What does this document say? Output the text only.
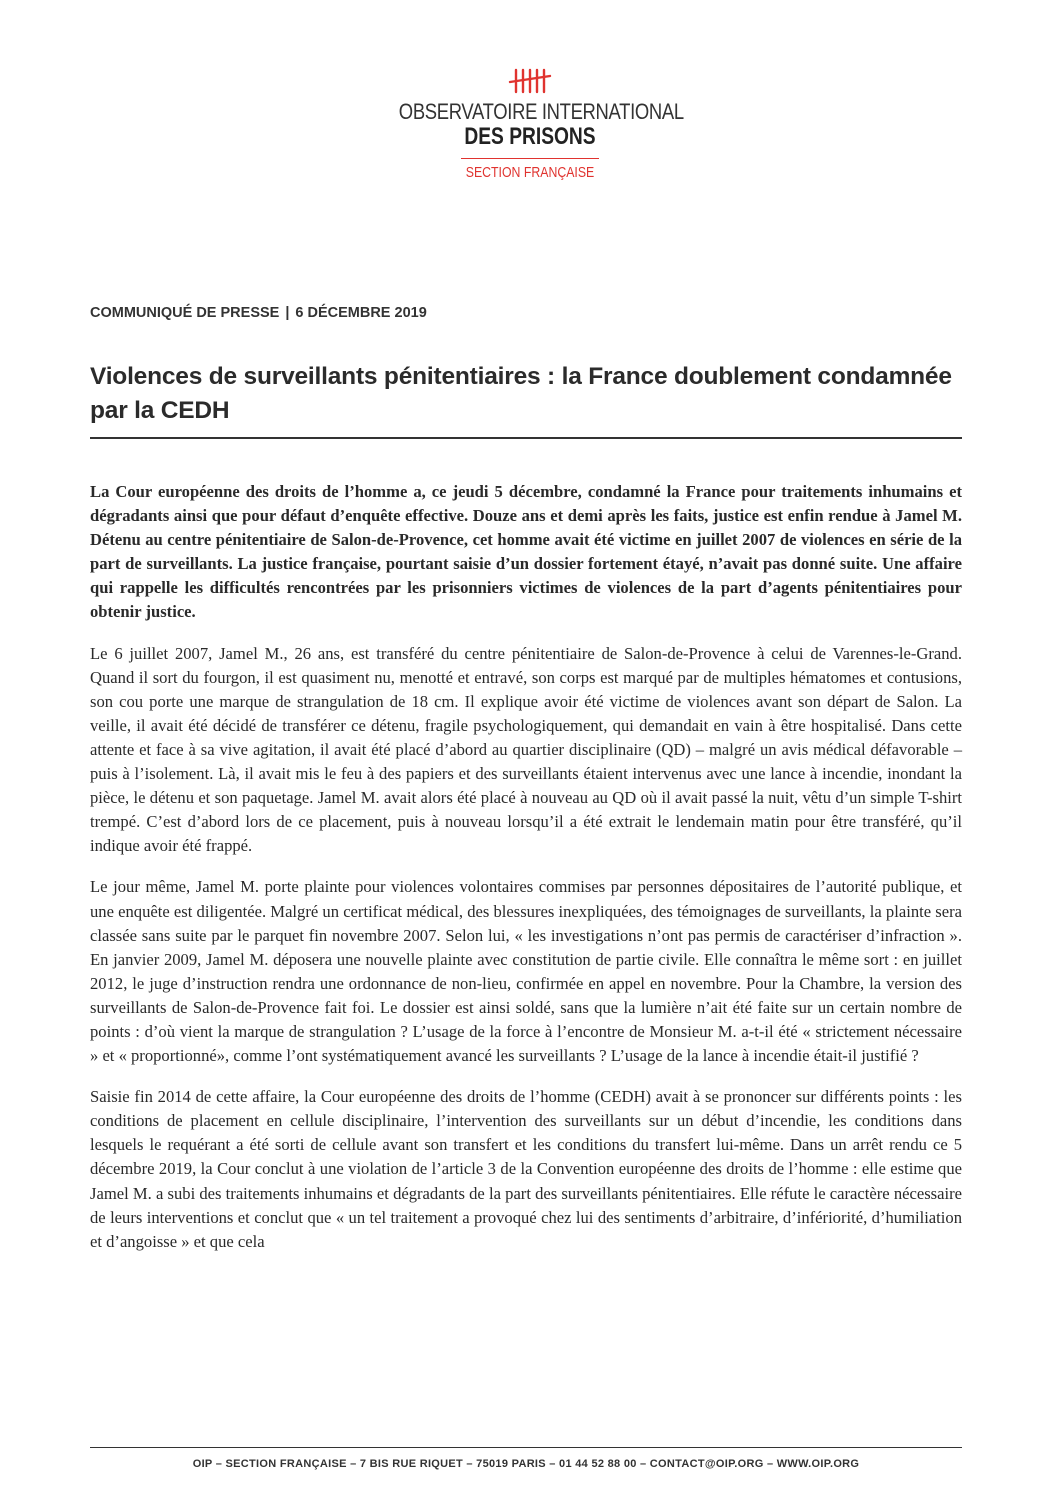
OBSERVATOIRE INTERNATIONAL
DES PRISONS
SECTION FRANÇAISE
COMMUNIQUÉ DE PRESSE | 6 DÉCEMBRE 2019
Violences de surveillants pénitentiaires : la France doublement condamnée par la CEDH

La Cour européenne des droits de l’homme a, ce jeudi 5 décembre, condamné la France pour traitements inhumains et dégradants ainsi que pour défaut d’enquête effective. Douze ans et demi après les faits, justice est enfin rendue à Jamel M. Détenu au centre pénitentiaire de Salon-de-Provence, cet homme avait été victime en juillet 2007 de violences en série de la part de surveillants. La justice française, pourtant saisie d’un dossier fortement étayé, n’avait pas donné suite. Une affaire qui rappelle les difficultés rencontrées par les prisonniers victimes de violences de la part d’agents pénitentiaires pour obtenir justice.

Le 6 juillet 2007, Jamel M., 26 ans, est transféré du centre pénitentiaire de Salon-de-Provence à celui de Varennes-le-Grand. Quand il sort du fourgon, il est quasiment nu, menotté et entravé, son corps est marqué par de multiples hématomes et contusions, son cou porte une marque de strangulation de 18 cm. Il explique avoir été victime de violences avant son départ de Salon. La veille, il avait été décidé de transférer ce détenu, fragile psychologiquement, qui demandait en vain à être hospitalisé. Dans cette attente et face à sa vive agitation, il avait été placé d’abord au quartier disciplinaire (QD) – malgré un avis médical défavorable – puis à l’isolement. Là, il avait mis le feu à des papiers et des surveillants étaient intervenus avec une lance à incendie, inondant la pièce, le détenu et son paquetage. Jamel M. avait alors été placé à nouveau au QD où il avait passé la nuit, vêtu d’un simple T-shirt trempé. C’est d’abord lors de ce placement, puis à nouveau lorsqu’il a été extrait le lendemain matin pour être transféré, qu’il indique avoir été frappé.

Le jour même, Jamel M. porte plainte pour violences volontaires commises par personnes dépositaires de l’autorité publique, et une enquête est diligentée. Malgré un certificat médical, des blessures inexpliquées, des témoignages de surveillants, la plainte sera classée sans suite par le parquet fin novembre 2007. Selon lui, « les investigations n’ont pas permis de caractériser d’infraction ». En janvier 2009, Jamel M. déposera une nouvelle plainte avec constitution de partie civile. Elle connaîtra le même sort : en juillet 2012, le juge d’instruction rendra une ordonnance de non-lieu, confirmée en appel en novembre. Pour la Chambre, la version des surveillants de Salon-de-Provence fait foi. Le dossier est ainsi soldé, sans que la lumière n’ait été faite sur un certain nombre de points : d’où vient la marque de strangulation ? L’usage de la force à l’encontre de Monsieur M. a-t-il été « strictement nécessaire » et « proportionné», comme l’ont systématiquement avancé les surveillants ? L’usage de la lance à incendie était-il justifié ?

Saisie fin 2014 de cette affaire, la Cour européenne des droits de l’homme (CEDH) avait à se prononcer sur différents points : les conditions de placement en cellule disciplinaire, l’intervention des surveillants sur un début d’incendie, les conditions dans lesquels le requérant a été sorti de cellule avant son transfert et les conditions du transfert lui-même. Dans un arrêt rendu ce 5 décembre 2019, la Cour conclut à une violation de l’article 3 de la Convention européenne des droits de l’homme : elle estime que Jamel M. a subi des traitements inhumains et dégradants de la part des surveillants pénitentiaires. Elle réfute le caractère nécessaire de leurs interventions et conclut que « un tel traitement a provoqué chez lui des sentiments d’arbitraire, d’infériorité, d’humiliation et d’angoisse » et que cela

OIP – SECTION FRANÇAISE – 7 BIS RUE RIQUET – 75019 PARIS – 01 44 52 88 00 – CONTACT@OIP.ORG – WWW.OIP.ORG
